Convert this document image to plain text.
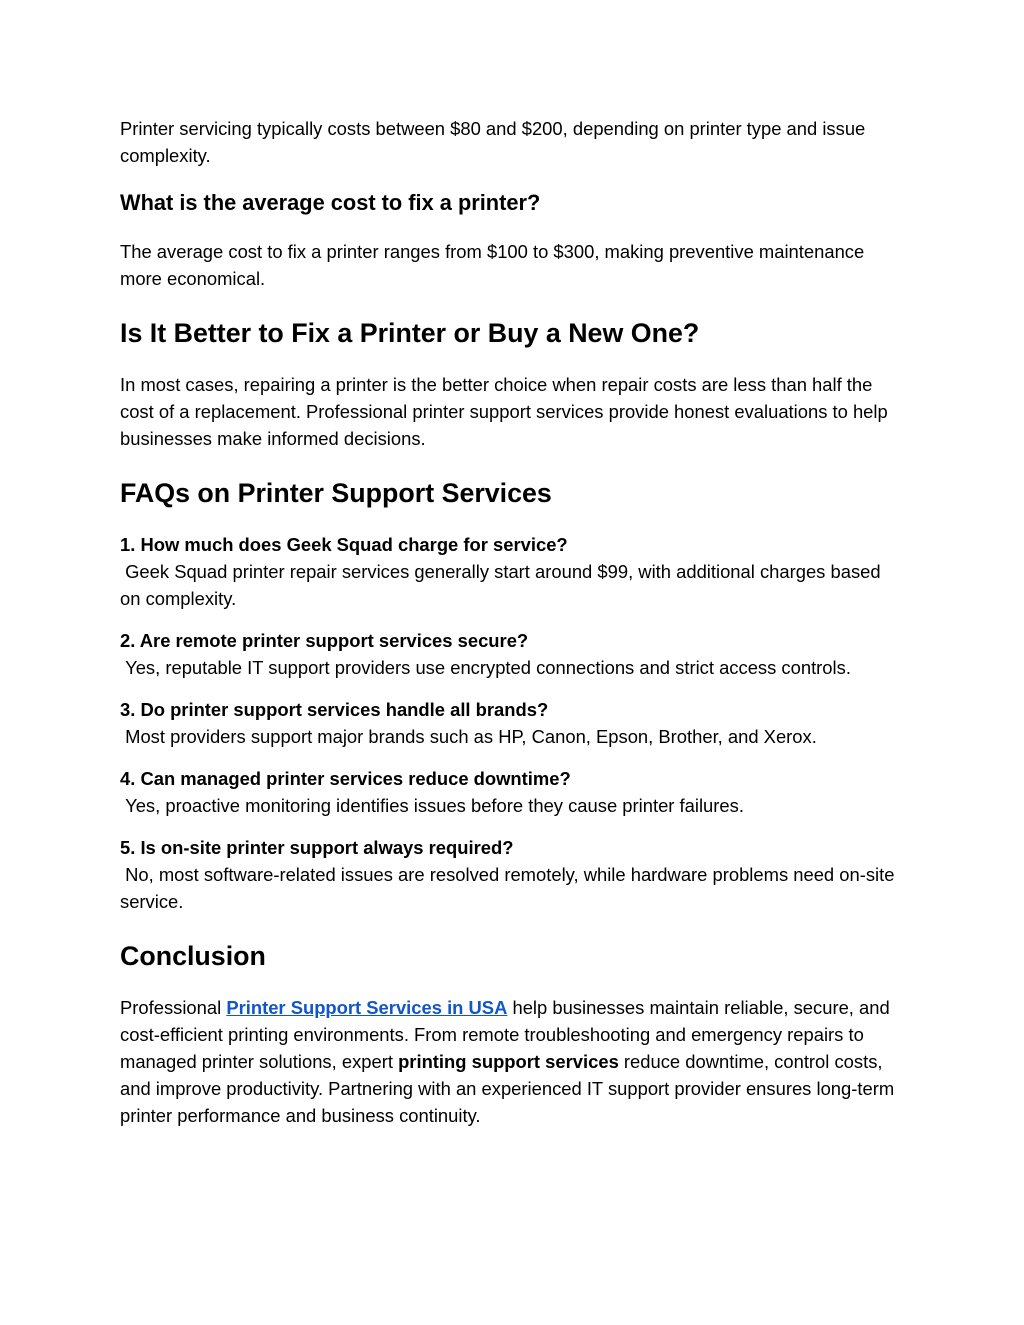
Printer servicing typically costs between $80 and $200, depending on printer type and issue complexity.

What is the average cost to fix a printer?

The average cost to fix a printer ranges from $100 to $300, making preventive maintenance more economical.

Is It Better to Fix a Printer or Buy a New One?

In most cases, repairing a printer is the better choice when repair costs are less than half the cost of a replacement. Professional printer support services provide honest evaluations to help businesses make informed decisions.

FAQs on Printer Support Services

1. How much does Geek Squad charge for service?
Geek Squad printer repair services generally start around $99, with additional charges based on complexity.

2. Are remote printer support services secure?
Yes, reputable IT support providers use encrypted connections and strict access controls.

3. Do printer support services handle all brands?
Most providers support major brands such as HP, Canon, Epson, Brother, and Xerox.

4. Can managed printer services reduce downtime?
Yes, proactive monitoring identifies issues before they cause printer failures.

5. Is on-site printer support always required?
No, most software-related issues are resolved remotely, while hardware problems need on-site service.

Conclusion

Professional Printer Support Services in USA help businesses maintain reliable, secure, and cost-efficient printing environments. From remote troubleshooting and emergency repairs to managed printer solutions, expert printing support services reduce downtime, control costs, and improve productivity. Partnering with an experienced IT support provider ensures long-term printer performance and business continuity.
